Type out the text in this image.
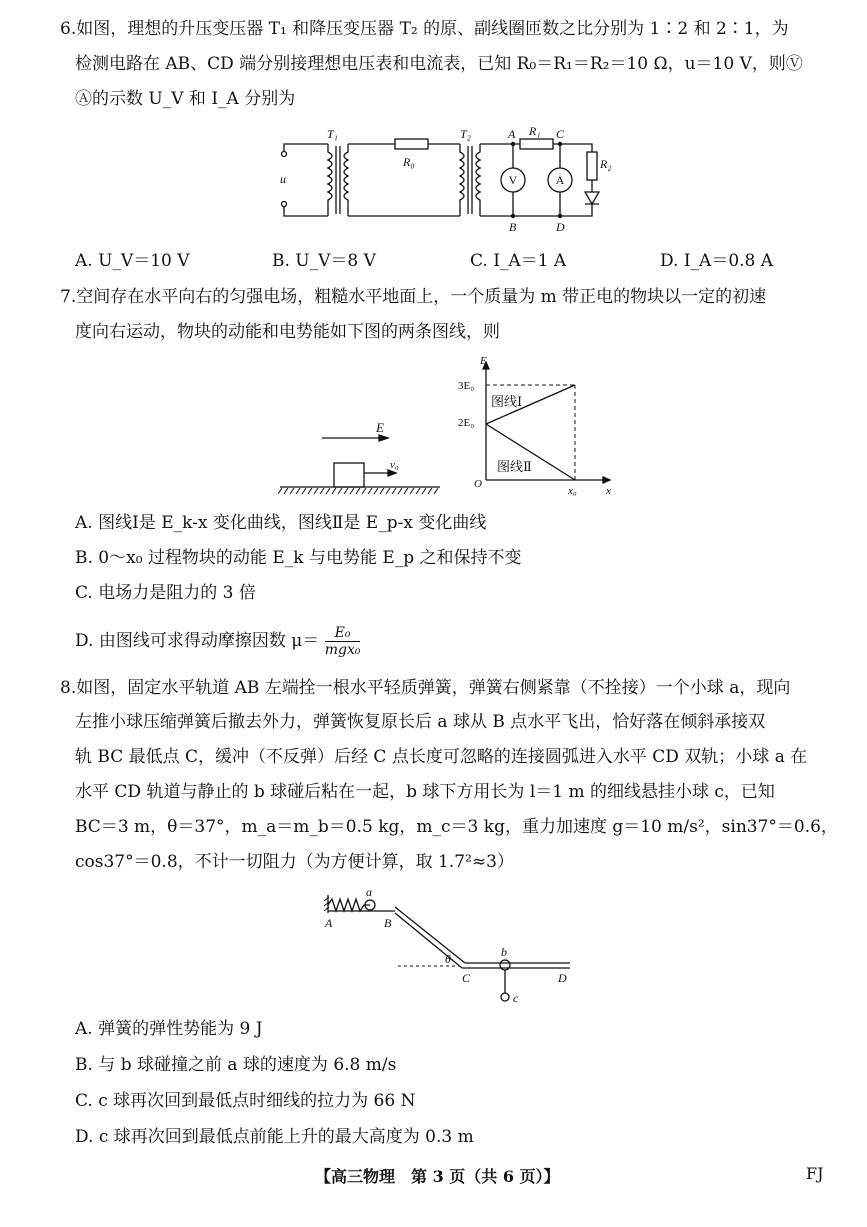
6.如图，理想的升压变压器 T₁ 和降压变压器 T₂ 的原、副线圈匝数之比分别为 1∶2 和 2∶1，为
检测电路在 AB、CD 端分别接理想电压表和电流表，已知 R₀＝R₁＝R₂＝10 Ω，u＝10 V，则Ⓥ
Ⓐ的示数 U_V 和 I_A 分别为
T₁	T₂
R₀
R₁
R₂
u
A
B
C
D
V	A
A. U_V＝10 V	B. U_V＝8 V	C. I_A＝1 A	D. I_A＝0.8 A
7.空间存在水平向右的匀强电场，粗糙水平地面上，一个质量为 m 带正电的物块以一定的初速
度向右运动，物块的动能和电势能如下图的两条图线，则
E
v₀
E
3E₀
2E₀
O
x₀	x
图线Ⅰ
图线Ⅱ
A. 图线Ⅰ是 E_k-x 变化曲线，图线Ⅱ是 E_p-x 变化曲线
B. 0～x₀ 过程物块的动能 E_k 与电势能 E_p 之和保持不变
C. 电场力是阻力的 3 倍
D. 由图线可求得动摩擦因数 $\mu= \frac{\text{E₀}}{\text{mgx₀}}$
8.如图，固定水平轨道 AB 左端拴一根水平轻质弹簧，弹簧右侧紧靠（不拴接）一个小球 a，现向
左推小球压缩弹簧后撤去外力，弹簧恢复原长后 a 球从 B 点水平飞出，恰好落在倾斜承接双
轨 BC 最低点 C，缓冲（不反弹）后经 C 点长度可忽略的连接圆弧进入水平 CD 双轨；小球 a 在
水平 CD 轨道与静止的 b 球碰后粘在一起，b 球下方用长为 l＝1 m 的细线悬挂小球 c，已知
BC＝3 m，θ＝37°，m_a＝m_b＝0.5 kg，m_c＝3 kg，重力加速度 g＝10 m/s²，sin37°＝0.6，
cos37°＝0.8，不计一切阻力（为方便计算，取 1.7²≈3）
a
A	B
C	D
b
c
θ
A. 弹簧的弹性势能为 9 J
B. 与 b 球碰撞之前 a 球的速度为 6.8 m/s
C. c 球再次回到最低点时细线的拉力为 66 N
D. c 球再次回到最低点前能上升的最大高度为 0.3 m
【高三物理　第 3 页（共 6 页）】	FJ
